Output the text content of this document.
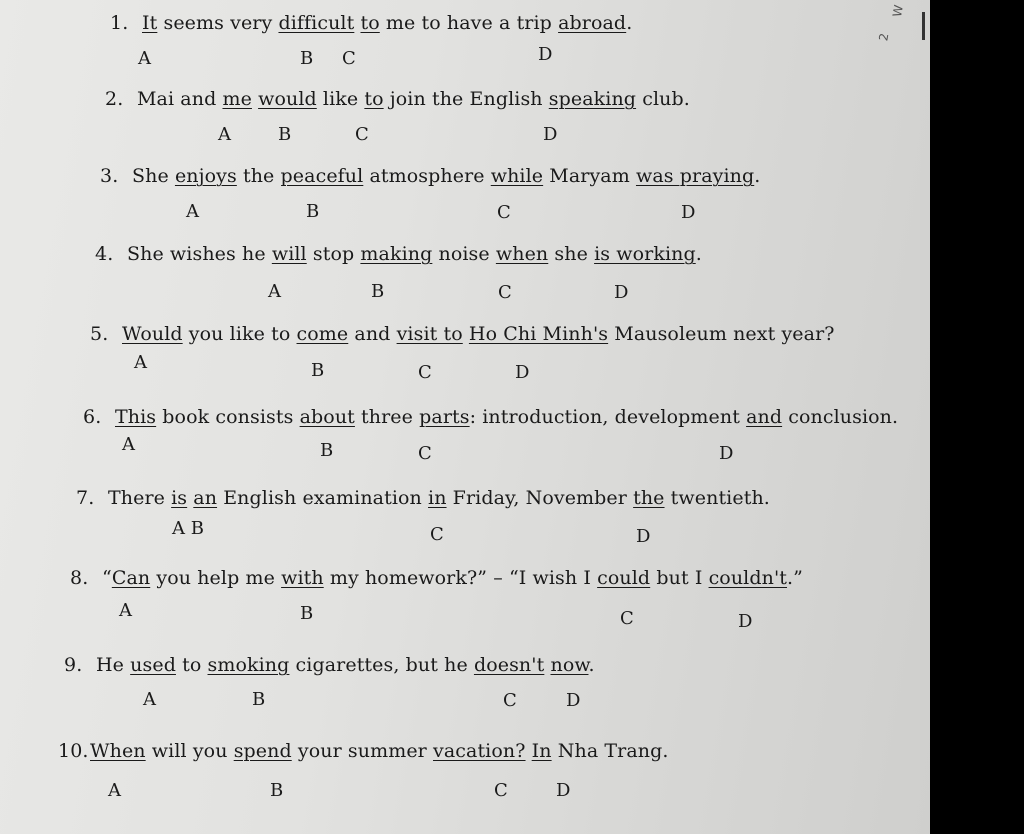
1. It seems very difficult to me to have a trip abroad.
2. Mai and me would like to join the English speaking club.
3. She enjoys the peaceful atmosphere while Maryam was praying.
4. She wishes he will stop making noise when she is working.
5. Would you like to come and visit to Ho Chi Minh's Mausoleum next year?
6. This book consists about three parts: introduction, development and conclusion.
7. There is an English examination in Friday, November the twentieth.
8. “Can you help me with my homework?” – “I wish I could but I couldn't.”
9. He used to smoking cigarettes, but he doesn't now.
10.When will you spend your summer vacation? In Nha Trang.
A	B C	D
A	B	C	D
A	B	C	D
A	B	C	D
A	B	C	D
A	B	C	D
A B	C	D
A	B	C	D
A	B	C	D
A	B	C	D
2
W
